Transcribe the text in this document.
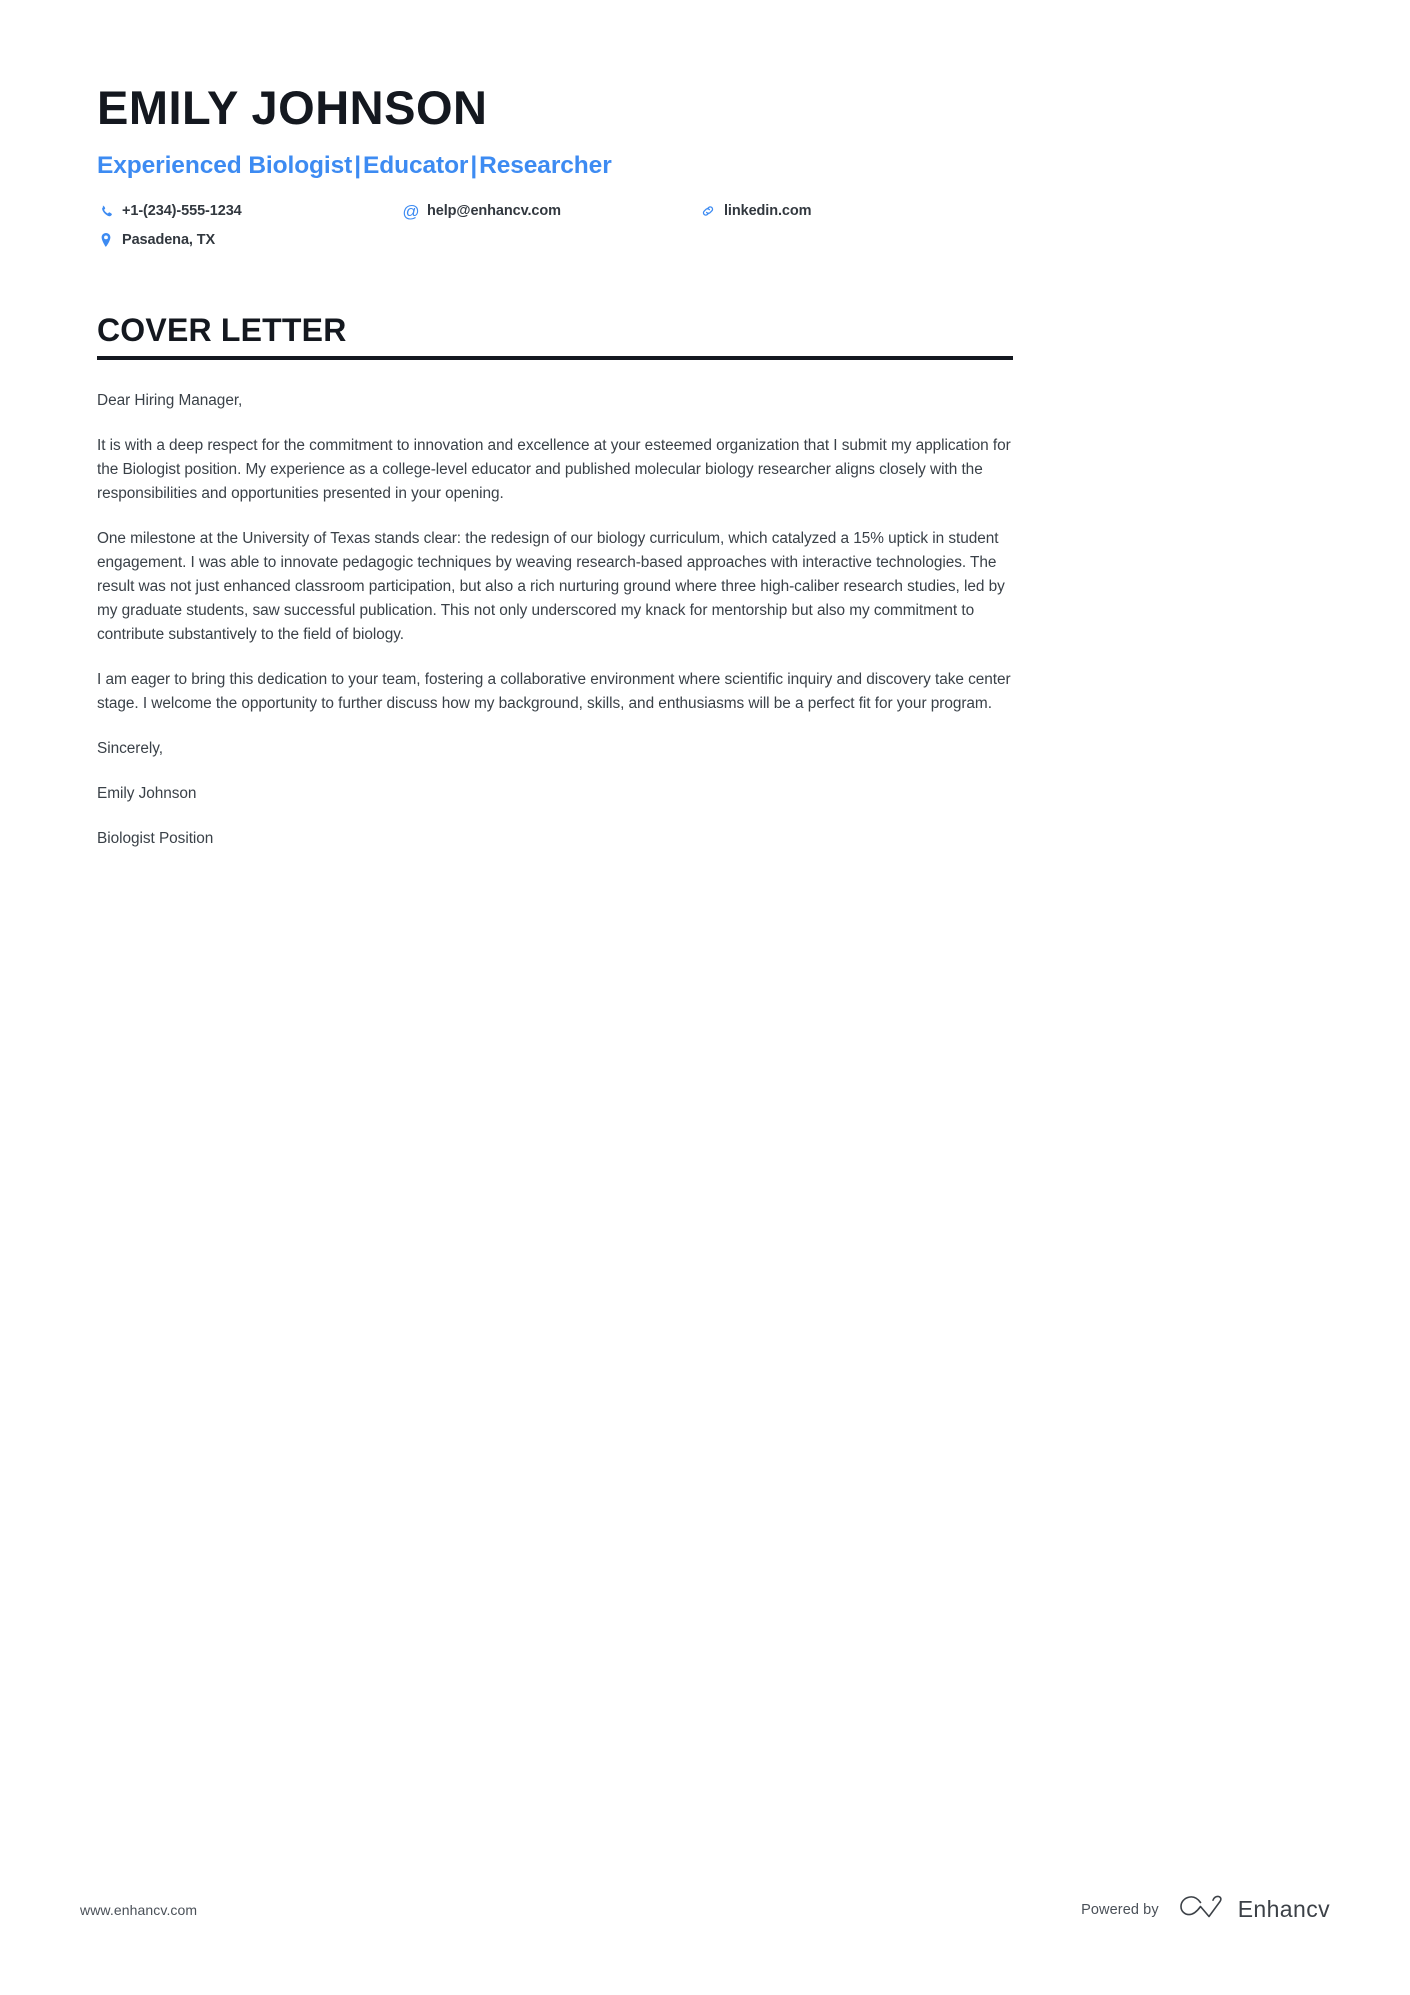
EMILY JOHNSON
Experienced Biologist|Educator|Researcher
+1-(234)-555-1234	@ help@enhancv.com	linkedin.com
Pasadena, TX
COVER LETTER

Dear Hiring Manager,

It is with a deep respect for the commitment to innovation and excellence at your esteemed organization that I submit my application for the Biologist position. My experience as a college-level educator and published molecular biology researcher aligns closely with the responsibilities and opportunities presented in your opening.

One milestone at the University of Texas stands clear: the redesign of our biology curriculum, which catalyzed a 15% uptick in student engagement. I was able to innovate pedagogic techniques by weaving research-based approaches with interactive technologies. The result was not just enhanced classroom participation, but also a rich nurturing ground where three high-caliber research studies, led by my graduate students, saw successful publication. This not only underscored my knack for mentorship but also my commitment to contribute substantively to the field of biology.

I am eager to bring this dedication to your team, fostering a collaborative environment where scientific inquiry and discovery take center stage. I welcome the opportunity to further discuss how my background, skills, and enthusiasms will be a perfect fit for your program.

Sincerely,

Emily Johnson

Biologist Position

www.enhancv.com	Powered by	Enhancv
